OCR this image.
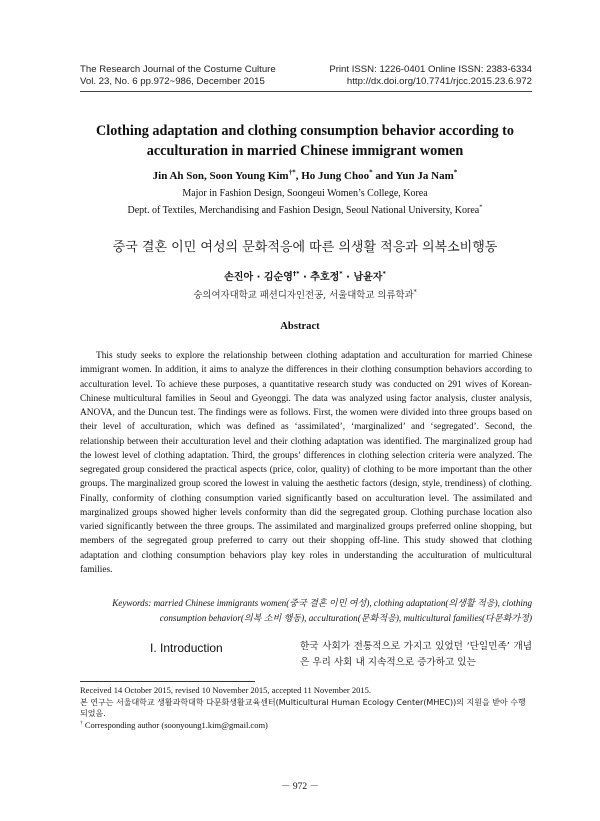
The Research Journal of the Costume Culture
Vol. 23, No. 6 pp.972~986, December 2015
Print ISSN: 1226-0401 Online ISSN: 2383-6334
http://dx.doi.org/10.7741/rjcc.2015.23.6.972
Clothing adaptation and clothing consumption behavior according to
acculturation in married Chinese immigrant women
Jin Ah Son, Soon Young Kim†*, Ho Jung Choo* and Yun Ja Nam*
Major in Fashion Design, Soongeui Women’s College, Korea
Dept. of Textiles, Merchandising and Fashion Design, Seoul National University, Korea*
중국 결혼 이민 여성의 문화적응에 따른 의생활 적응과 의복소비행동
손진아 · 김순영†* · 추호정* · 남윤자*
숭의여자대학교 패션디자인전공, 서울대학교 의류학과*
Abstract
This study seeks to explore the relationship between clothing adaptation and acculturation for married Chinese immigrant women. In addition, it aims to analyze the differences in their clothing consumption behaviors according to acculturation level. To achieve these purposes, a quantitative research study was conducted on 291 wives of Korean-Chinese multicultural families in Seoul and Gyeonggi. The data was analyzed using factor analysis, cluster analysis, ANOVA, and the Duncun test. The findings were as follows. First, the women were divided into three groups based on their level of acculturation, which was defined as ‘assimilated’, ‘marginalized’ and ‘segregated’. Second, the relationship between their acculturation level and their clothing adaptation was identified. The marginalized group had the lowest level of clothing adaptation. Third, the groups’ differences in clothing selection criteria were analyzed. The segregated group considered the practical aspects (price, color, quality) of clothing to be more important than the other groups. The marginalized group scored the lowest in valuing the aesthetic factors (design, style, trendiness) of clothing. Finally, conformity of clothing consumption varied significantly based on acculturation level. The assimilated and marginalized groups showed higher levels conformity than did the segregated group. Clothing purchase location also varied significantly between the three groups. The assimilated and marginalized groups preferred online shopping, but members of the segregated group preferred to carry out their shopping off-line. This study showed that clothing adaptation and clothing consumption behaviors play key roles in understanding the acculturation of multicultural families.
Keywords: married Chinese immigrants women(중국 결혼 이민 여성), clothing adaptation(의생활 적응), clothing consumption behavior(의복 소비 행동), acculturation(문화적응), multicultural families(다문화가정)
I. Introduction	한국 사회가 전통적으로 가지고 있었던 ‘단일민족’ 개념은 우리 사회 내 지속적으로 증가하고 있는
Received 14 October 2015, revised 10 November 2015, accepted 11 November 2015.
본 연구는 서울대학교 생활과학대학 다문화생활교육센터(Multicultural Human Ecology Center(MHEC))의 지원을 받아 수행되었음.
† Corresponding author (soonyoung1.kim@gmail.com)
－ 972 －
